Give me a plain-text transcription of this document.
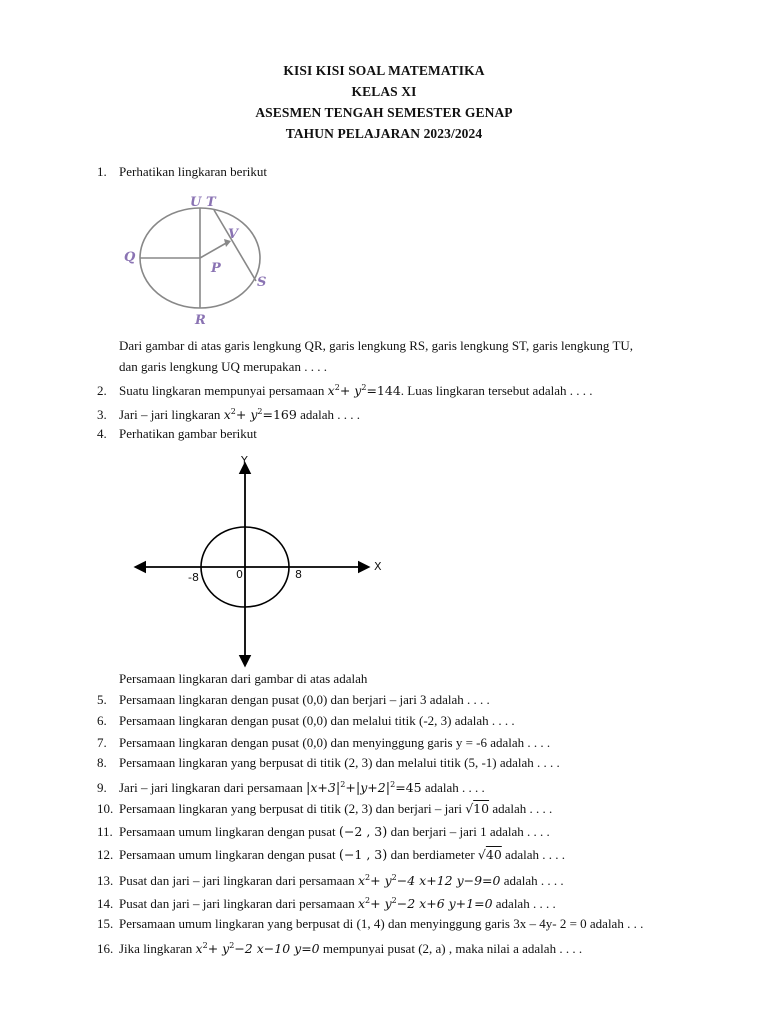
KISI KISI SOAL MATEMATIKA
KELAS XI
ASESMEN TENGAH SEMESTER GENAP
TAHUN PELAJARAN 2023/2024
1. Perhatikan lingkaran berikut
U T
V
Q
P
S
R
Dari gambar di atas garis lengkung QR, garis lengkung RS, garis lengkung ST, garis lengkung TU,
dan garis lengkung UQ merupakan . . . .
2. Suatu lingkaran mempunyai persamaan $x^2+ y^2=144$. Luas lingkaran tersebut adalah . . . .
3. Jari – jari lingkaran $x^2+ y^2=169$ adalah . . . .
4. Perhatikan gambar berikut
Y
X
-8	0	8
Persamaan lingkaran dari gambar di atas adalah
5. Persamaan lingkaran dengan pusat (0,0) dan berjari – jari 3 adalah . . . .
6. Persamaan lingkaran dengan pusat (0,0) dan melalui titik (-2, 3) adalah . . . .
7. Persamaan lingkaran dengan pusat (0,0) dan menyinggung garis y = -6 adalah . . . .
8. Persamaan lingkaran yang berpusat di titik (2, 3) dan melalui titik (5, -1) adalah . . . .
9. Jari – jari lingkaran dari persamaan $|x+3|^2+|y+2|^2=45$ adalah . . . .
10. Persamaan lingkaran yang berpusat di titik (2, 3) dan berjari – jari √10 adalah . . . .
11. Persamaan umum lingkaran dengan pusat (−2 , 3) dan berjari – jari 1 adalah . . . .
12. Persamaan umum lingkaran dengan pusat (−1 , 3) dan berdiameter √40 adalah . . . .
13. Pusat dan jari – jari lingkaran dari persamaan $x^2+ y^2-4$ x+12 y−9=0 adalah . . . .
14. Pusat dan jari – jari lingkaran dari persamaan $x^2+ y^2-2$ x+6 y+1=0 adalah . . . .
15. Persamaan umum lingkaran yang berpusat di (1, 4) dan menyinggung garis 3x – 4y- 2 = 0 adalah . . .
16. Jika lingkaran $x^2+ y^2-2$ x−10 y=0 mempunyai pusat (2, a) , maka nilai a adalah . . . .
